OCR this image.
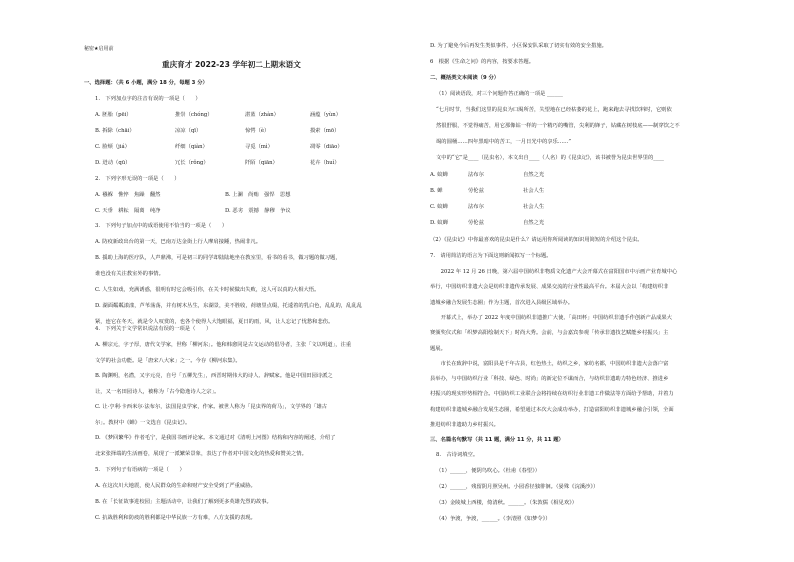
秘密★启用前
重庆育才 2022-23 学年初二上期末语文
一、选择题：（共 6 小题，满分 18 分，每题 3 分）
1.　下列加点字的注音有误的一项是（　　）
A. 胚胎（pēi）	推崇（chóng）	湛蓝（zhàn）	涵蕴（yùn）
B. 拆除（chāi）	凉凉（qī）	惊愕（è）	摸索（mō）
C. 脸颊（jiá）	纤细（qiàn）	寻觅（mì）	凋零（diāo）
D. 迸动（qū）	冗长（rǒng）	阡陌（qiān）	花卉（huì）
2.　下列字形无误的一项是（　　）
A. 襁褓　憔悴　焦躁　翻然	B. 上澜　尚贿　强悍　思想
C. 天垂　耕耘　隔离　纯净	D. 恶劣　震撼　静穆　争议
3.　下列句子加点中的成语使用不恰当的一项是（　　）
A. 防疫新政出台的第一天，巴南万达金街上行人摩肩接踵，热闹非凡。
B. 援助上海的医疗队，人声鼎沸，可是初三的同学却陆陆地坐在教室里，看书的看书，做习题的做习题，
谁也没有关注教室外的事情。
C. 人生如戏，充满诱惑，很明有时它会吸引你，在关卡时候做出失败，这人可以真的大相大悟。
D. 湖面粼粼漾漾，芦苇荡荡，并有树木丛生，东湖景，美不胜收，荷塘里点缀，托逶着的乳白色，乱乱的，乱乱乱
紧，连它在冬天，就是令人叹赏的，也各个使得人大饱眼福，夏日的雨，风，让人忘记了忧愁和悲伤。
4.　下列关于文学常识说法有误的一项是（　　）
A. 柳宗元，字子厚，唐代文学家，世称「柳河东」。他和韩愈同是古文运动的倡导者，主张「文以明道」，注重
文学的社会功能。是「唐宋八大家」之一。今存《柳河东集》。
B. 陶渊明，名潜，又字元亮，自号「五柳先生」，西晋时期伟大的诗人、辞赋家。他是中国田园诗派之
让，又一名田园诗人，被称为「古今隐逸诗人之宗」。
C. 让·亨利·卡西米尔·法布尔，法国昆虫学家，作家。被世人称为「昆虫界的荷马」，文学界的「雄古
尔」。教材中《蝉》一文选自《昆虫记》。
D. 《梦回繁华》作者毛宁，是我国书画评论家。本文通过对《清明上河图》结构和内容的阐述，介绍了
北宋张择端的生活画卷，展现了一派繁荣景象，表达了作者对中国文化的热爱和赞美之情。
5.　下列句子有语病的一项是（　　）
A. 在这次川大地震，使人民群众的生命和财产安全受到了严重威胁。
B. 在「长征故事进校园」主题活动中，让我们了解到更多英雄先烈的故事。
C. 抗战胜利和防疫的胜利都是中华民族一方有难，八方支援的表现。
D. 为了避免今后再发生类似事件，小区保安队采取了切实有效的安全措施。
6　根据《生命之问》的内容，按要求答题。
二、概括类文本阅读（9 分）
（1）阅读语段，对三个问题作答正确的一项是 ______
“七月时节，当我们这里的昆虫为口渴所苦，失望地在已经枯萎的花上，跑来跑去寻找饮料时，它则依
然很舒服，不觉得痛苦，用它那像钻一样的一个精巧的嘴管，尖利的锋子，钻藏在树枝底——制穿饮之不
竭的圆桶……四年黑暗中的苦工，一月日光中的享乐……”
文中的“它”是____（昆虫名），本文出自____（人名）的《昆虫记》，该书被誉为昆虫世界里的____
A. 蚊蝉	法布尔	自然之光
B. 蝉	劳伦兹	社会人生
C. 蚊蝉	法布尔	社会人生
D. 蚊蝉	劳伦兹	自然之光
（2）《昆虫记》中你最喜欢的昆虫是什么？请运用你所阅读的知识用简短的介绍这个昆虫。
7.　请用简洁的语言为下面这则新闻拟写一个标题。
　　2022 年 12 月 26 日晚，第六届中国纺织非物质文化遗产大会开幕式在富阳国市中示画产业育城中心
举行，中国纺织非遗大会是纺织非遗传承发展、成果交流的行业性最高平台。本届大会以「构建纺织非
遗城乡融合发展生态圈」作为主题，首次进入县级区域举办。
　　开幕式上，举办了 2022 年度中国纺织非遗推广大使、「高田杯」中国纺织非遗手作创新产品成果大
赛颁奖仪式和「织梦高阳绘制天下」时尚大秀。会前，与会嘉宾参观「传承非遗技艺赋能乡村振兴」主
题展。
　　市长在致辞中说，富阳县是千年古县，红色热土，纺织之乡，家纺名都，中国纺织非遗大会落户富
县举办，与中国纺织行业「科技、绿色、时尚」的新定位不谋而合，与纺织非遗助力特色经济、推进乡
村振兴的现实形势相符合。中国纺织工业联合会将持续在纺织行业非遗工作做法等方面给予帮助，并着力
构建纺织非遗城乡融合发展生态圈，希望通过本次大会成功举办，打造富阳纺织非遗城乡融合引领，全面
推进纺织非遗助力乡村振兴。
三、名篇名句默写（共 11 题，满分 11 分，共 11 题）
8.　古诗词填空。
（1）______，便阴鸟吹心。（杜甫《春望》）
（2）______，残留阴月照吴州。小园香径独徘徊。（晏殊《浣溪沙》）
（3）金陵城上西楼，倚清秋。______。（朱敦儒《相见欢》）
（4）争渡，争渡，______。（李清照《如梦令》）
